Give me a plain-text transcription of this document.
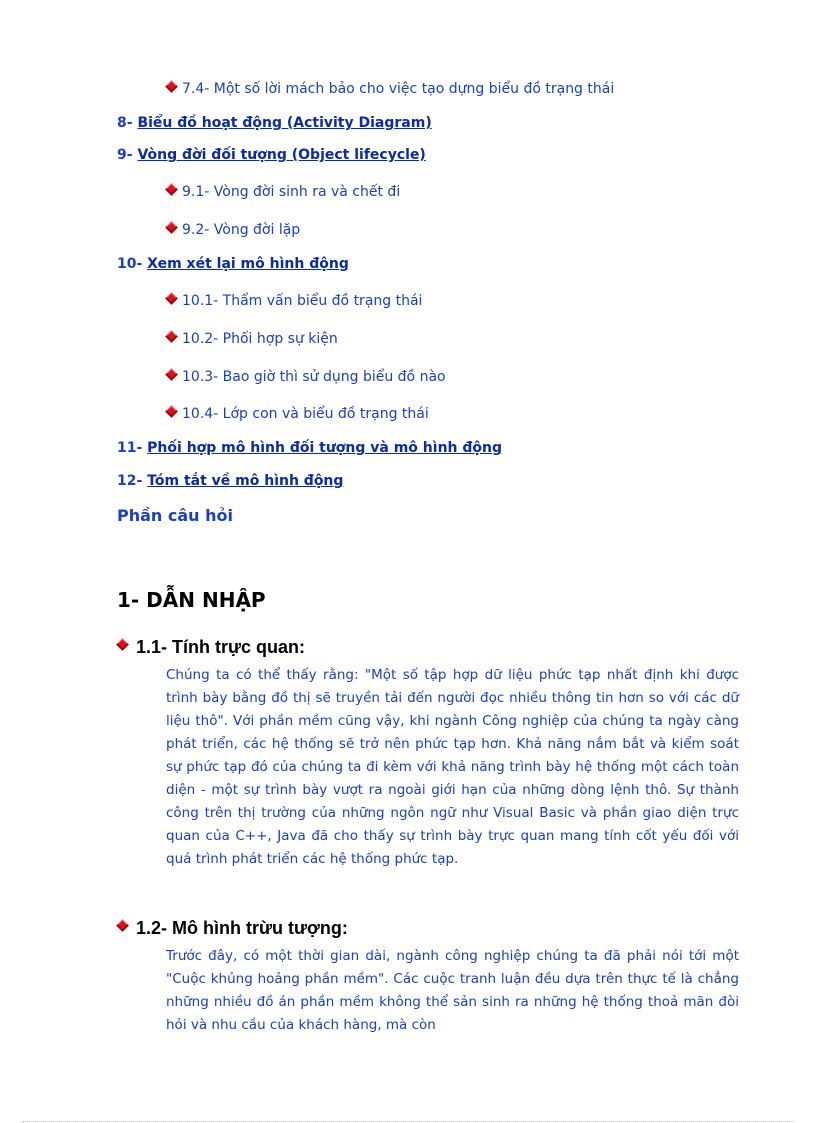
7.4- Một số lời mách bảo cho việc tạo dựng biểu đồ trạng thái
8- Biểu đồ hoạt động (Activity Diagram)
9- Vòng đời đối tượng (Object lifecycle)
9.1- Vòng đời sinh ra và chết đi
9.2- Vòng đời lặp
10- Xem xét lại mô hình động
10.1- Thẩm vấn biểu đồ trạng thái
10.2- Phối hợp sự kiện
10.3- Bao giờ thì sử dụng biểu đồ nào
10.4- Lớp con và biểu đồ trạng thái
11- Phối hợp mô hình đối tượng và mô hình động
12- Tóm tắt về mô hình động
Phần câu hỏi
1- DẪN NHẬP
1.1- Tính trực quan:
Chúng ta có thể thấy rằng: "Một số tập hợp dữ liệu phức tạp nhất định khi được trình bày bằng đồ thị sẽ truyền tải đến người đọc nhiều thông tin hơn so với các dữ liệu thô". Với phần mềm cũng vậy, khi ngành Công nghiệp của chúng ta ngày càng phát triển, các hệ thống sẽ trở nên phức tạp hơn. Khả năng nắm bắt và kiểm soát sự phức tạp đó của chúng ta đi kèm với khả năng trình bày hệ thống một cách toàn diện - một sự trình bày vượt ra ngoài giới hạn của những dòng lệnh thô. Sự thành công trên thị trường của những ngôn ngữ như Visual Basic và phần giao diện trực quan của C++, Java đã cho thấy sự trình bày trực quan mang tính cốt yếu đối với quá trình phát triển các hệ thống phức tạp.
1.2- Mô hình trừu tượng:
Trước đây, có một thời gian dài, ngành công nghiệp chúng ta đã phải nói tới một "Cuộc khủng hoảng phần mềm". Các cuộc tranh luận đều dựa trên thực tế là chẳng những nhiều đồ án phần mềm không thể sản sinh ra những hệ thống thoả mãn đòi hỏi và nhu cầu của khách hàng, mà còn
